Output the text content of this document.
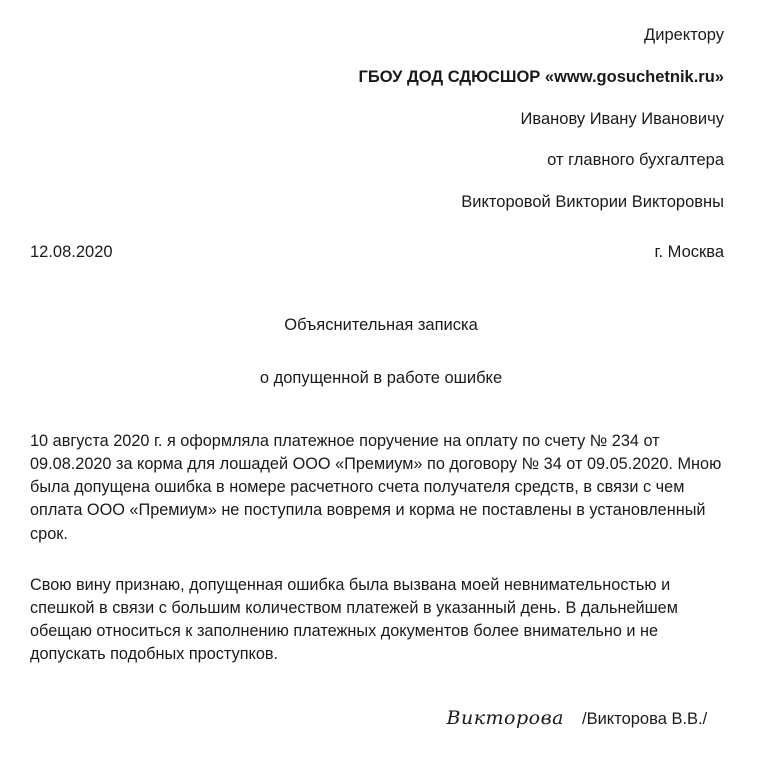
Директору
ГБОУ ДОД СДЮСШОР «www.gosuchetnik.ru»
Иванову Ивану Ивановичу
от главного бухгалтера
Викторовой Виктории Викторовны
12.08.2020	г. Москва
Объяснительная записка
о допущенной в работе ошибке

10 августа 2020 г. я оформляла платежное поручение на оплату по счету № 234 от 09.08.2020 за корма для лошадей ООО «Премиум» по договору № 34 от 09.05.2020. Мною была допущена ошибка в номере расчетного счета получателя средств, в связи с чем оплата ООО «Премиум» не поступила вовремя и корма не поставлены в установленный срок.

Свою вину признаю, допущенная ошибка была вызвана моей невнимательностью и спешкой в связи с большим количеством платежей в указанный день. В дальнейшем обещаю относиться к заполнению платежных документов более внимательно и не допускать подобных проступков.

Викторова /Викторова В.В./
